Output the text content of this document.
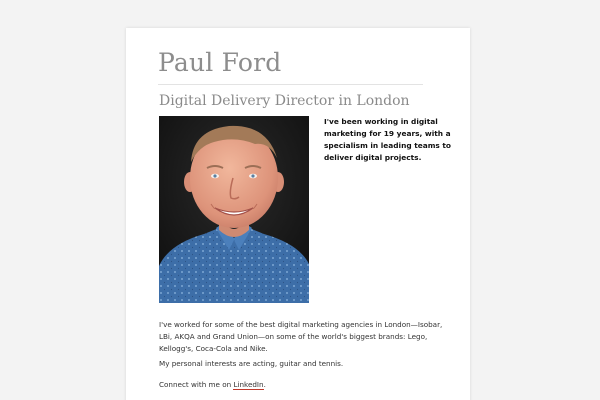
Paul Ford
Digital Delivery Director in London

I've been working in digital marketing for 19 years, with a specialism in leading teams to deliver digital projects.

I've worked for some of the best digital marketing agencies in London—Isobar, LBi, AKQA and Grand Union—on some of the world's biggest brands: Lego, Kellogg's, Coca-Cola and Nike.

My personal interests are acting, guitar and tennis.

Connect with me on LinkedIn.
